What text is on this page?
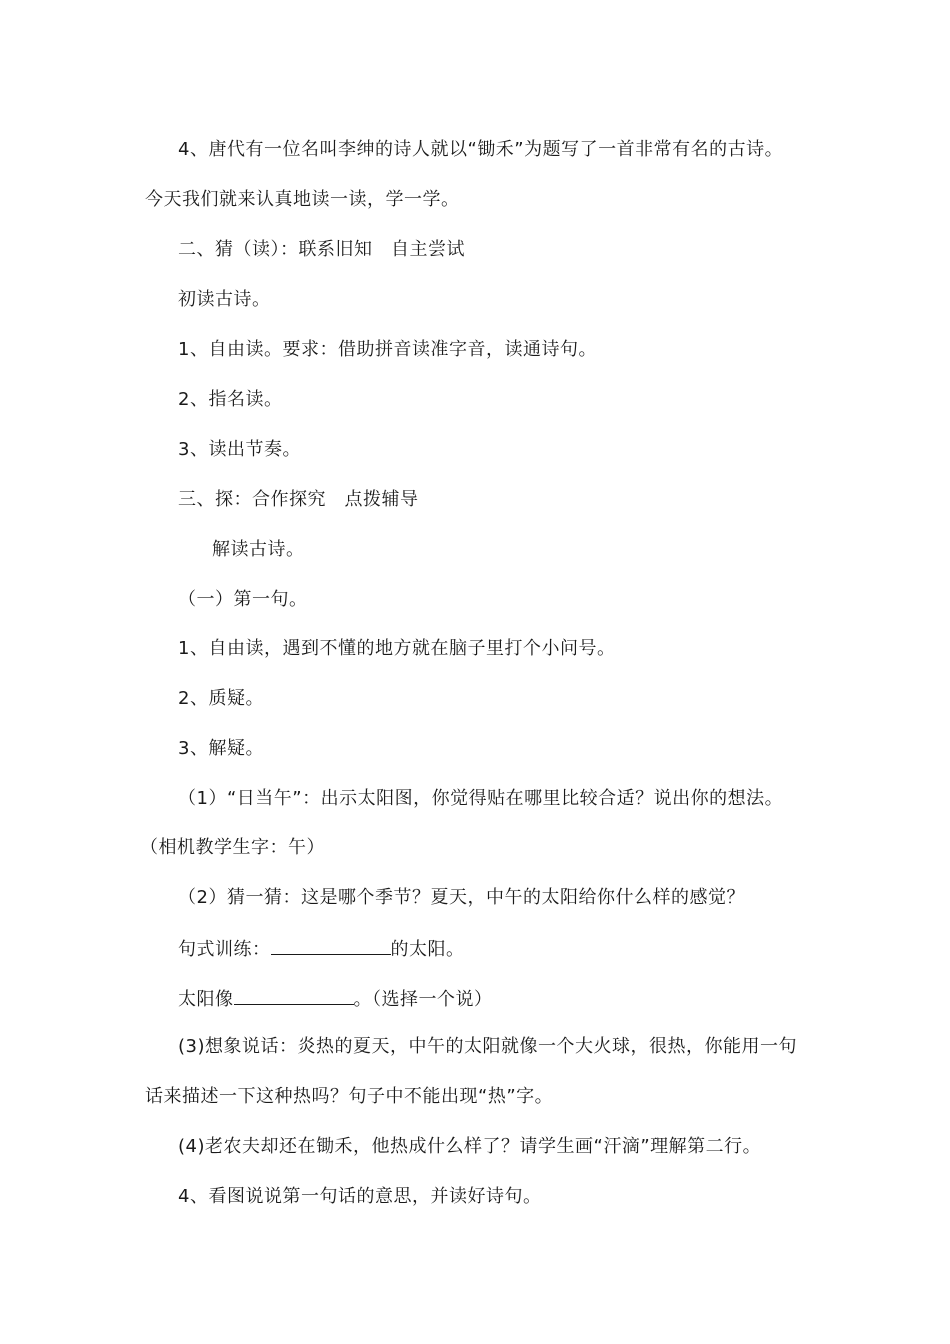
4、唐代有一位名叫李绅的诗人就以“锄禾”为题写了一首非常有名的古诗。
今天我们就来认真地读一读，学一学。
二、猜（读）：联系旧知　自主尝试
初读古诗。
1、自由读。要求：借助拼音读准字音，读通诗句。
2、指名读。
3、读出节奏。
三、探：合作探究　点拨辅导
解读古诗。
（一）第一句。
1、自由读，遇到不懂的地方就在脑子里打个小问号。
2、质疑。
3、解疑。
（1）“日当午”：出示太阳图，你觉得贴在哪里比较合适？说出你的想法。
（相机教学生字：午）
（2）猜一猜：这是哪个季节？夏天，中午的太阳给你什么样的感觉？
句式训练：	的太阳。
太阳像	。（选择一个说）
(3)想象说话：炎热的夏天，中午的太阳就像一个大火球，很热，你能用一句
话来描述一下这种热吗？句子中不能出现“热”字。
(4)老农夫却还在锄禾，他热成什么样了？请学生画“汗滴”理解第二行。
4、看图说说第一句话的意思，并读好诗句。
